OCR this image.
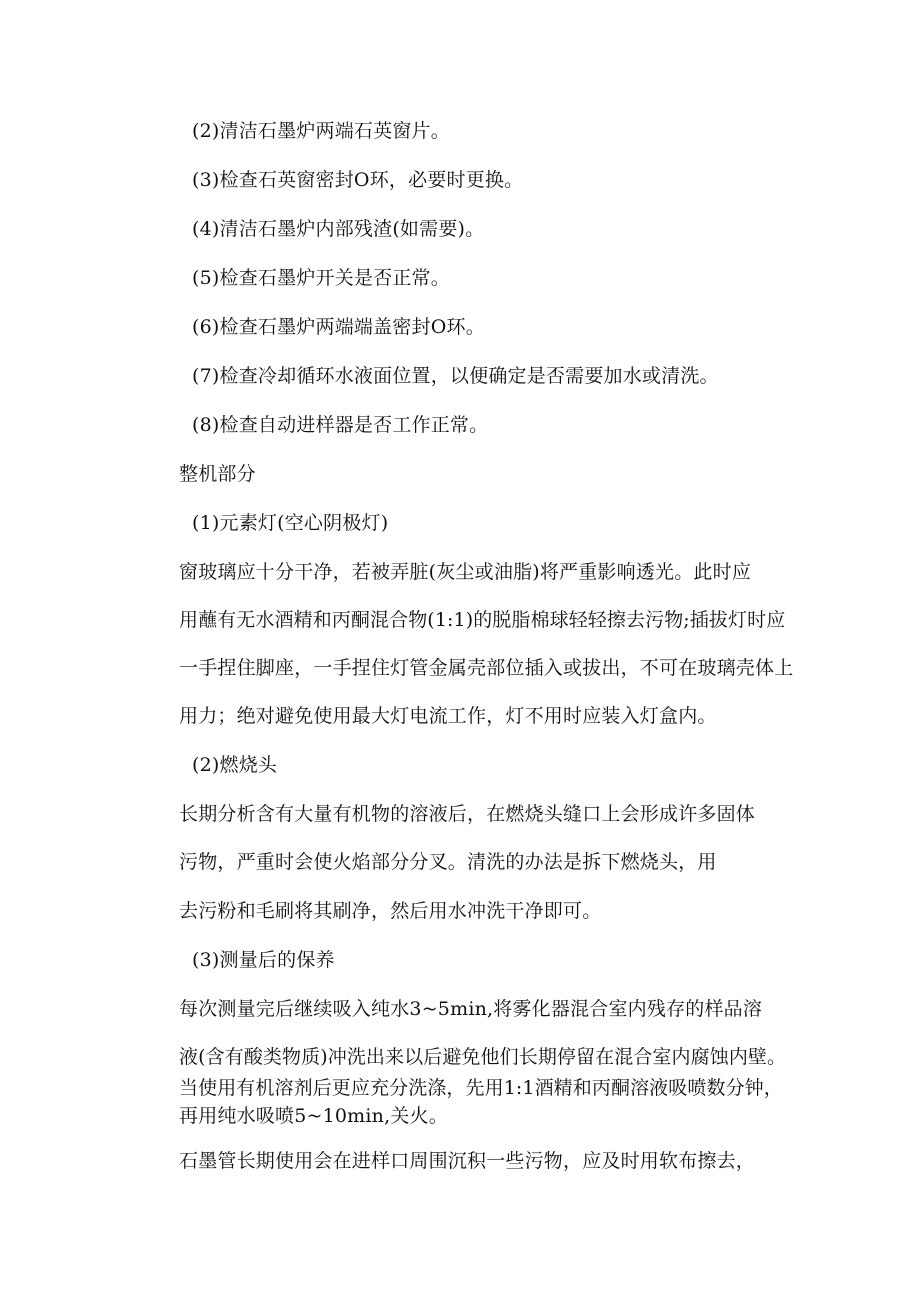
(2)清洁石墨炉两端石英窗片。
(3)检查石英窗密封O环，必要时更换。
(4)清洁石墨炉内部残渣(如需要)。
(5)检查石墨炉开关是否正常。
(6)检查石墨炉两端端盖密封O环。
(7)检查冷却循环水液面位置，以便确定是否需要加水或清洗。
(8)检查自动进样器是否工作正常。
整机部分
(1)元素灯(空心阴极灯)
窗玻璃应十分干净，若被弄脏(灰尘或油脂)将严重影响透光。此时应
用蘸有无水酒精和丙酮混合物(1:1)的脱脂棉球轻轻擦去污物;插拔灯时应
一手捏住脚座，一手捏住灯管金属壳部位插入或拔出，不可在玻璃壳体上
用力；绝对避免使用最大灯电流工作，灯不用时应装入灯盒内。
(2)燃烧头
长期分析含有大量有机物的溶液后，在燃烧头缝口上会形成许多固体
污物，严重时会使火焰部分分叉。清洗的办法是拆下燃烧头，用
去污粉和毛刷将其刷净，然后用水冲洗干净即可。
(3)测量后的保养
每次测量完后继续吸入纯水3~5min,将雾化器混合室内残存的样品溶
液(含有酸类物质)冲洗出来以后避免他们长期停留在混合室内腐蚀内壁。
当使用有机溶剂后更应充分洗涤，先用1:1酒精和丙酮溶液吸喷数分钟，
再用纯水吸喷5~10min,关火。
石墨管长期使用会在进样口周围沉积一些污物，应及时用软布擦去，
